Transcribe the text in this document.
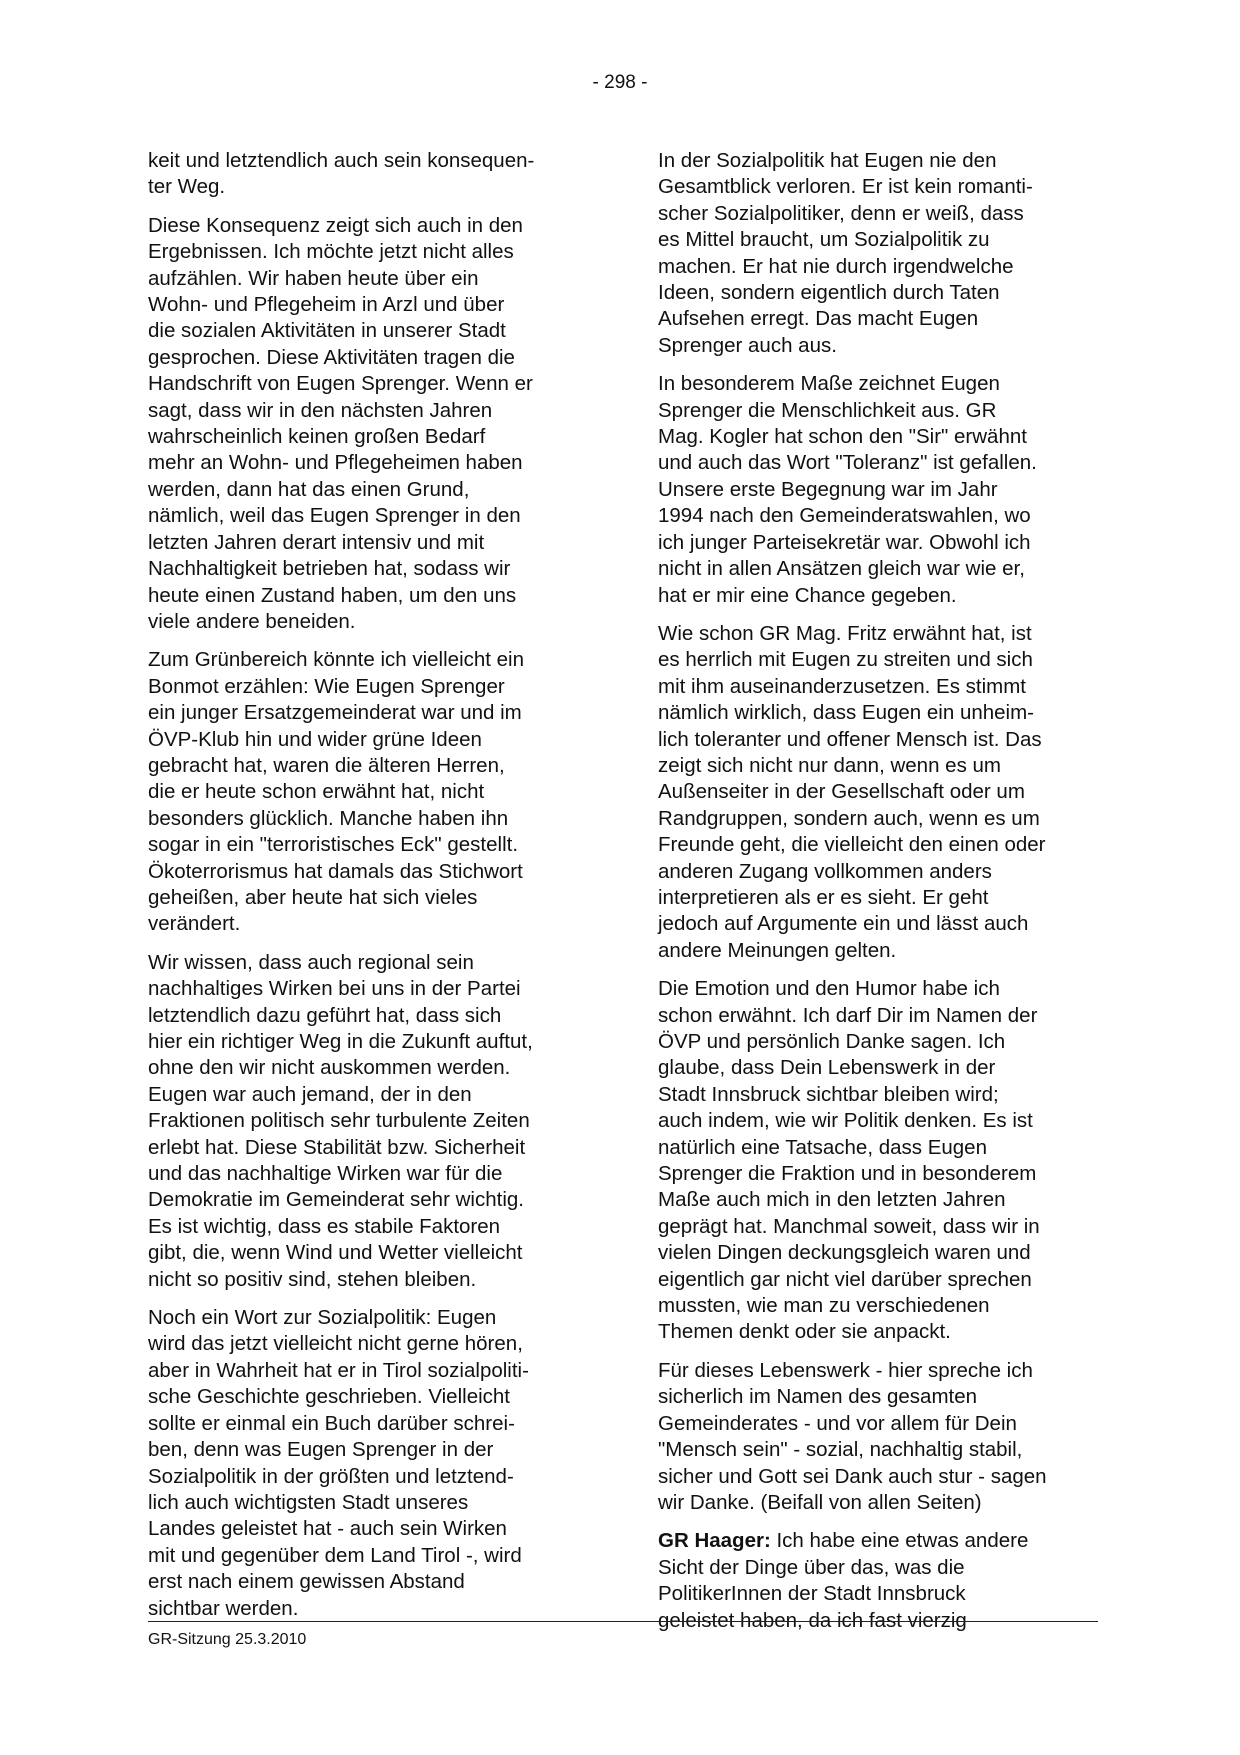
- 298 -

keit und letztendlich auch sein konsequen-
ter Weg.

Diese Konsequenz zeigt sich auch in den
Ergebnissen. Ich möchte jetzt nicht alles
aufzählen. Wir haben heute über ein
Wohn- und Pflegeheim in Arzl und über
die sozialen Aktivitäten in unserer Stadt
gesprochen. Diese Aktivitäten tragen die
Handschrift von Eugen Sprenger. Wenn er
sagt, dass wir in den nächsten Jahren
wahrscheinlich keinen großen Bedarf
mehr an Wohn- und Pflegeheimen haben
werden, dann hat das einen Grund,
nämlich, weil das Eugen Sprenger in den
letzten Jahren derart intensiv und mit
Nachhaltigkeit betrieben hat, sodass wir
heute einen Zustand haben, um den uns
viele andere beneiden.

Zum Grünbereich könnte ich vielleicht ein
Bonmot erzählen: Wie Eugen Sprenger
ein junger Ersatzgemeinderat war und im
ÖVP-Klub hin und wider grüne Ideen
gebracht hat, waren die älteren Herren,
die er heute schon erwähnt hat, nicht
besonders glücklich. Manche haben ihn
sogar in ein "terroristisches Eck" gestellt.
Ökoterrorismus hat damals das Stichwort
geheißen, aber heute hat sich vieles
verändert.

Wir wissen, dass auch regional sein
nachhaltiges Wirken bei uns in der Partei
letztendlich dazu geführt hat, dass sich
hier ein richtiger Weg in die Zukunft auftut,
ohne den wir nicht auskommen werden.
Eugen war auch jemand, der in den
Fraktionen politisch sehr turbulente Zeiten
erlebt hat. Diese Stabilität bzw. Sicherheit
und das nachhaltige Wirken war für die
Demokratie im Gemeinderat sehr wichtig.
Es ist wichtig, dass es stabile Faktoren
gibt, die, wenn Wind und Wetter vielleicht
nicht so positiv sind, stehen bleiben.

Noch ein Wort zur Sozialpolitik: Eugen
wird das jetzt vielleicht nicht gerne hören,
aber in Wahrheit hat er in Tirol sozialpoliti-
sche Geschichte geschrieben. Vielleicht
sollte er einmal ein Buch darüber schrei-
ben, denn was Eugen Sprenger in der
Sozialpolitik in der größten und letztend-
lich auch wichtigsten Stadt unseres
Landes geleistet hat - auch sein Wirken
mit und gegenüber dem Land Tirol -, wird
erst nach einem gewissen Abstand
sichtbar werden.

In der Sozialpolitik hat Eugen nie den
Gesamtblick verloren. Er ist kein romanti-
scher Sozialpolitiker, denn er weiß, dass
es Mittel braucht, um Sozialpolitik zu
machen. Er hat nie durch irgendwelche
Ideen, sondern eigentlich durch Taten
Aufsehen erregt. Das macht Eugen
Sprenger auch aus.

In besonderem Maße zeichnet Eugen
Sprenger die Menschlichkeit aus. GR
Mag. Kogler hat schon den "Sir" erwähnt
und auch das Wort "Toleranz" ist gefallen.
Unsere erste Begegnung war im Jahr
1994 nach den Gemeinderatswahlen, wo
ich junger Parteisekretär war. Obwohl ich
nicht in allen Ansätzen gleich war wie er,
hat er mir eine Chance gegeben.

Wie schon GR Mag. Fritz erwähnt hat, ist
es herrlich mit Eugen zu streiten und sich
mit ihm auseinanderzusetzen. Es stimmt
nämlich wirklich, dass Eugen ein unheim-
lich toleranter und offener Mensch ist. Das
zeigt sich nicht nur dann, wenn es um
Außenseiter in der Gesellschaft oder um
Randgruppen, sondern auch, wenn es um
Freunde geht, die vielleicht den einen oder
anderen Zugang vollkommen anders
interpretieren als er es sieht. Er geht
jedoch auf Argumente ein und lässt auch
andere Meinungen gelten.

Die Emotion und den Humor habe ich
schon erwähnt. Ich darf Dir im Namen der
ÖVP und persönlich Danke sagen. Ich
glaube, dass Dein Lebenswerk in der
Stadt Innsbruck sichtbar bleiben wird;
auch indem, wie wir Politik denken. Es ist
natürlich eine Tatsache, dass Eugen
Sprenger die Fraktion und in besonderem
Maße auch mich in den letzten Jahren
geprägt hat. Manchmal soweit, dass wir in
vielen Dingen deckungsgleich waren und
eigentlich gar nicht viel darüber sprechen
mussten, wie man zu verschiedenen
Themen denkt oder sie anpackt.

Für dieses Lebenswerk - hier spreche ich
sicherlich im Namen des gesamten
Gemeinderates - und vor allem für Dein
"Mensch sein" - sozial, nachhaltig stabil,
sicher und Gott sei Dank auch stur - sagen
wir Danke. (Beifall von allen Seiten)

GR Haager: Ich habe eine etwas andere
Sicht der Dinge über das, was die
PolitikerInnen der Stadt Innsbruck
geleistet haben, da ich fast vierzig

GR-Sitzung 25.3.2010
